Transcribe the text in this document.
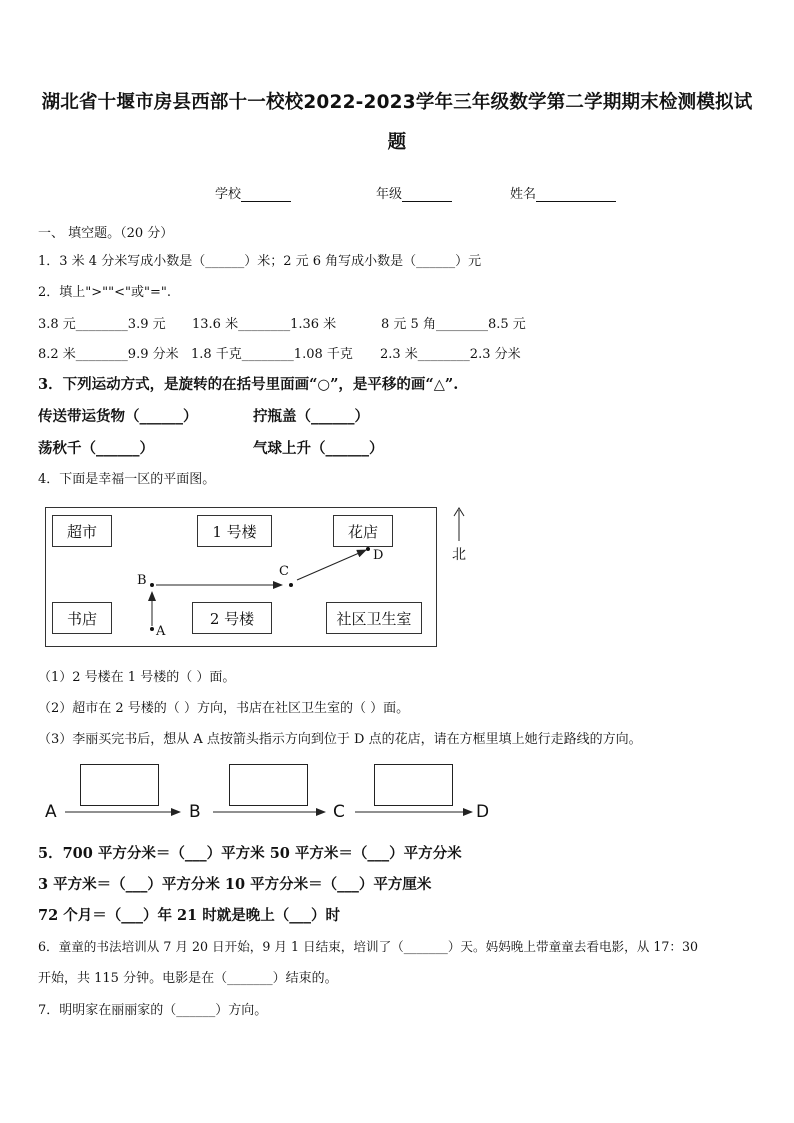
湖北省十堰市房县西部十一校校2022-2023学年三年级数学第二学期期末检测模拟试
题
学校	年级	姓名
一、 填空题。（20 分）
1．3 米 4 分米写成小数是（______）米；2 元 6 角写成小数是（______）元
2．填上">""<"或"=".
3.8 元________3.9 元 13.6 米________1.36 米	8 元 5 角________8.5 元
8.2 米________9.9 分米 1.8 千克________1.08 千克 2.3 米________2.3 分米
3．下列运动方式，是旋转的在括号里面画“○”，是平移的画“△”.
传送带运货物（______）	拧瓶盖（______）
荡秋千（______）	气球上升（______）
4．下面是幸福一区的平面图。
超市	1 号楼	花店
书店	2 号楼	社区卫生室
A
B
C
D	北
（1）2 号楼在 1 号楼的（ ）面。
（2）超市在 2 号楼的（ ）方向，书店在社区卫生室的（ ）面。
（3）李丽买完书后，想从 A 点按箭头指示方向到位于 D 点的花店，请在方框里填上她行走路线的方向。
A	B	C	D
5．700 平方分米＝（___）平方米 50 平方米＝（___）平方分米
3 平方米＝（___）平方分米 10 平方分米＝（___）平方厘米
72 个月＝（___）年 21 时就是晚上（___）时
6．童童的书法培训从 7 月 20 日开始，9 月 1 日结束，培训了（_______）天。妈妈晚上带童童去看电影，从 17：30
开始，共 115 分钟。电影是在（_______）结束的。
7．明明家在丽丽家的（______）方向。
